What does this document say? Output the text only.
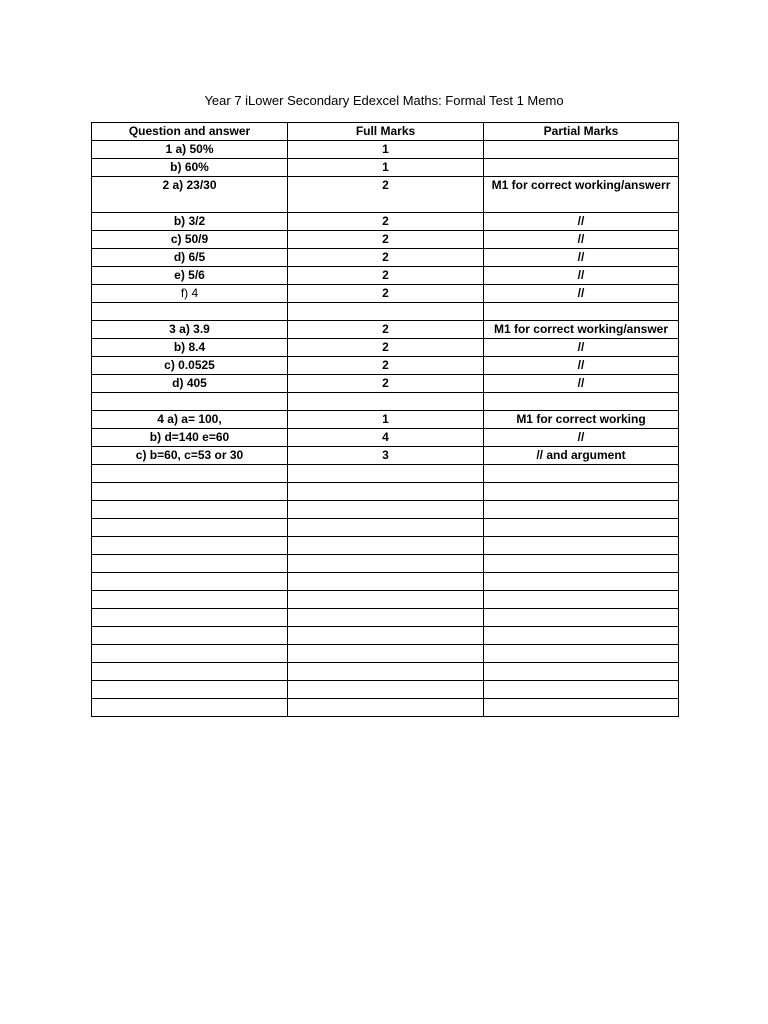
Year 7 iLower Secondary Edexcel Maths: Formal Test 1 Memo
Question and answer	Full Marks	Partial Marks
1 a) 50%	1	
b) 60%	1	
2 a) 23/30	2	M1 for correct working/answerr
b) 3/2	2	//
c) 50/9	2	//
d) 6/5	2	//
e) 5/6	2	//
f) 4	2	//

3 a) 3.9	2	M1 for correct working/answer
b) 8.4	2	//
c) 0.0525	2	//
d) 405	2	//

4 a) a= 100,	1	M1 for correct working
b) d=140 e=60	4	//
c) b=60, c=53 or 30	3	// and argument
